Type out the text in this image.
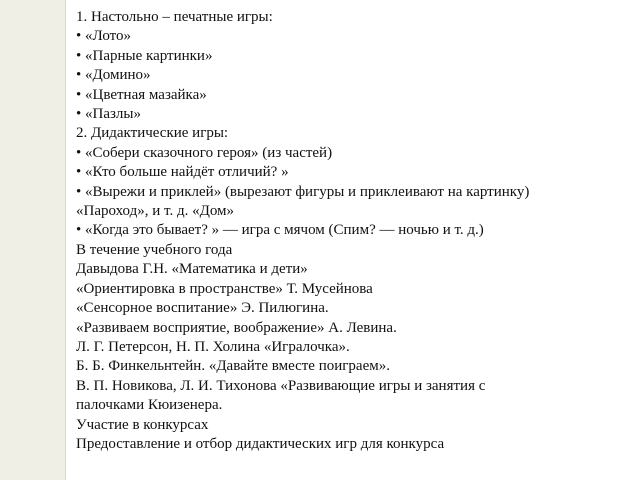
1. Настольно – печатные игры:
• «Лото»
• «Парные картинки»
• «Домино»
• «Цветная мазайка»
• «Пазлы»
2. Дидактические игры:
• «Собери сказочного героя» (из частей)
• «Кто больше найдёт отличий? »
• «Вырежи и приклей» (вырезают фигуры и приклеивают на картинку)
«Пароход», и т. д. «Дом»
• «Когда это бывает? » — игра с мячом (Спим? — ночью и т. д.)
В течение учебного года
Давыдова Г.Н. «Математика и дети»
«Ориентировка в пространстве» Т. Мусейнова
«Сенсорное воспитание» Э. Пилюгина.
«Развиваем восприятие, воображение» А. Левина.
Л. Г. Петерсон, Н. П. Холина «Игралочка».
Б. Б. Финкельнтейн. «Давайте вместе поиграем».
В. П. Новикова, Л. И. Тихонова «Развивающие игры и занятия с
палочками Кюизенера.
Участие в конкурсах
Предоставление и отбор дидактических игр для конкурса
